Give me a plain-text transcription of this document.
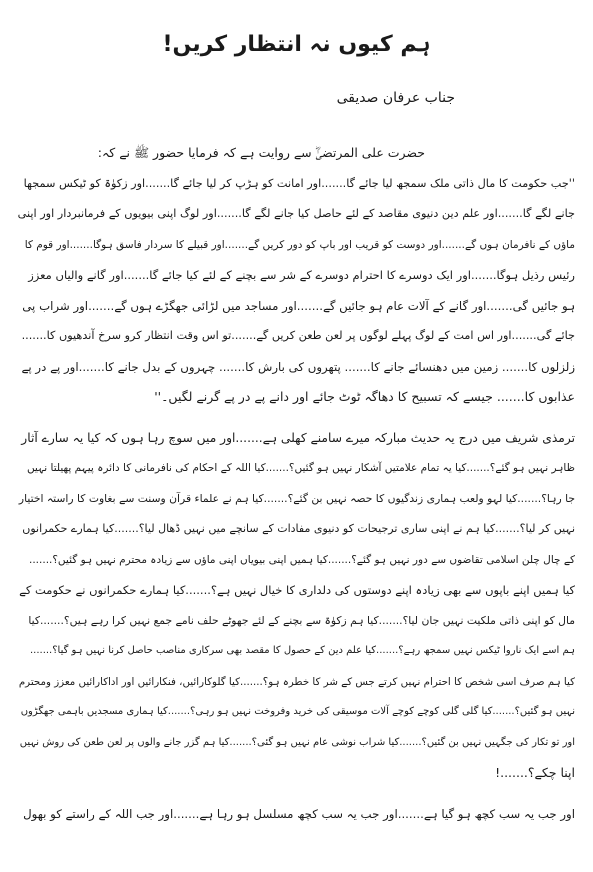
ہم کیوں نہ انتظار کریں!
جناب عرفان صدیقی
حضرت علی المرتضیٰؓ سے روایت ہے کہ فرمایا حضور ﷺ نے کہ:
''جب حکومت کا مال ذاتی ملک سمجھ لیا جائے گا.......اور امانت کو ہڑپ کر لیا جائے گا.......اور زکوٰۃ کو ٹیکس سمجھا
جانے لگے گا.......اور علم دین دنیوی مقاصد کے لئے حاصل کیا جانے لگے گا.......اور لوگ اپنی بیویوں کے فرمانبردار اور اپنی
ماؤں کے نافرمان ہوں گے.......اور دوست کو قریب اور باپ کو دور کریں گے.......اور قبیلے کا سردار فاسق ہوگا.......اور قوم کا
رئیس رذیل ہوگا.......اور ایک دوسرے کا احترام دوسرے کے شر سے بچنے کے لئے کیا جائے گا.......اور گانے والیاں معزز
ہو جائیں گی.......اور گانے کے آلات عام ہو جائیں گے.......اور مساجد میں لڑائی جھگڑے ہوں گے.......اور شراب پی
جائے گی.......اور اس امت کے لوگ پہلے لوگوں پر لعن طعن کریں گے.......تو اس وقت انتظار کرو سرخ آندھیوں کا.......
زلزلوں کا....... زمین میں دھنسائے جانے کا....... پتھروں کی بارش کا....... چہروں کے بدل جانے کا.......اور پے در پے
عذابوں کا....... جیسے کہ تسبیح کا دھاگہ ٹوٹ جائے اور دانے پے در پے گرنے لگیں۔''
ترمذی شریف میں درج یہ حدیث مبارکہ میرے سامنے کھلی ہے.......اور میں سوچ رہا ہوں کہ کیا یہ سارے آثار
ظاہر نہیں ہو گئے؟.......کیا یہ تمام علامتیں آشکار نہیں ہو گئیں؟.......کیا اللہ کے احکام کی نافرمانی کا دائرہ پیہم پھیلتا نہیں
جا رہا؟.......کیا لہو ولعب ہماری زندگیوں کا حصہ نہیں بن گئے؟.......کیا ہم نے علماء قرآن وسنت سے بغاوت کا راستہ اختیار
نہیں کر لیا؟.......کیا ہم نے اپنی ساری ترجیحات کو دنیوی مفادات کے سانچے میں نہیں ڈھال لیا؟.......کیا ہمارے حکمرانوں
کے چال چلن اسلامی تقاضوں سے دور نہیں ہو گئے؟.......کیا ہمیں اپنی بیویاں اپنی ماؤں سے زیادہ محترم نہیں ہو گئیں؟.......
کیا ہمیں اپنے باپوں سے بھی زیادہ اپنے دوستوں کی دلداری کا خیال نہیں ہے؟.......کیا ہمارے حکمرانوں نے حکومت کے
مال کو اپنی ذاتی ملکیت نہیں جان لیا؟.......کیا ہم زکوٰۃ سے بچنے کے لئے جھوٹے حلف نامے جمع نہیں کرا رہے ہیں؟.......کیا
ہم اسے ایک ناروا ٹیکس نہیں سمجھ رہے؟.......کیا علم دین کے حصول کا مقصد بھی سرکاری مناصب حاصل کرنا نہیں ہو گیا؟.......
کیا ہم صرف اسی شخص کا احترام نہیں کرتے جس کے شر کا خطرہ ہو؟.......کیا گلوکارائیں، فنکارائیں اور اداکارائیں معزز ومحترم
نہیں ہو گئیں؟.......کیا گلی گلی کوچے کوچے آلات موسیقی کی خرید وفروخت نہیں ہو رہی؟.......کیا ہماری مسجدیں باہمی جھگڑوں
اور تو تکار کی جگہیں نہیں بن گئیں؟.......کیا شراب نوشی عام نہیں ہو گئی؟.......کیا ہم گزر جانے والوں پر لعن طعن کی روش نہیں
اپنا چکے؟.......!
اور جب یہ سب کچھ ہو گیا ہے.......اور جب یہ سب کچھ مسلسل ہو رہا ہے.......اور جب اللہ کے راستے کو بھول
